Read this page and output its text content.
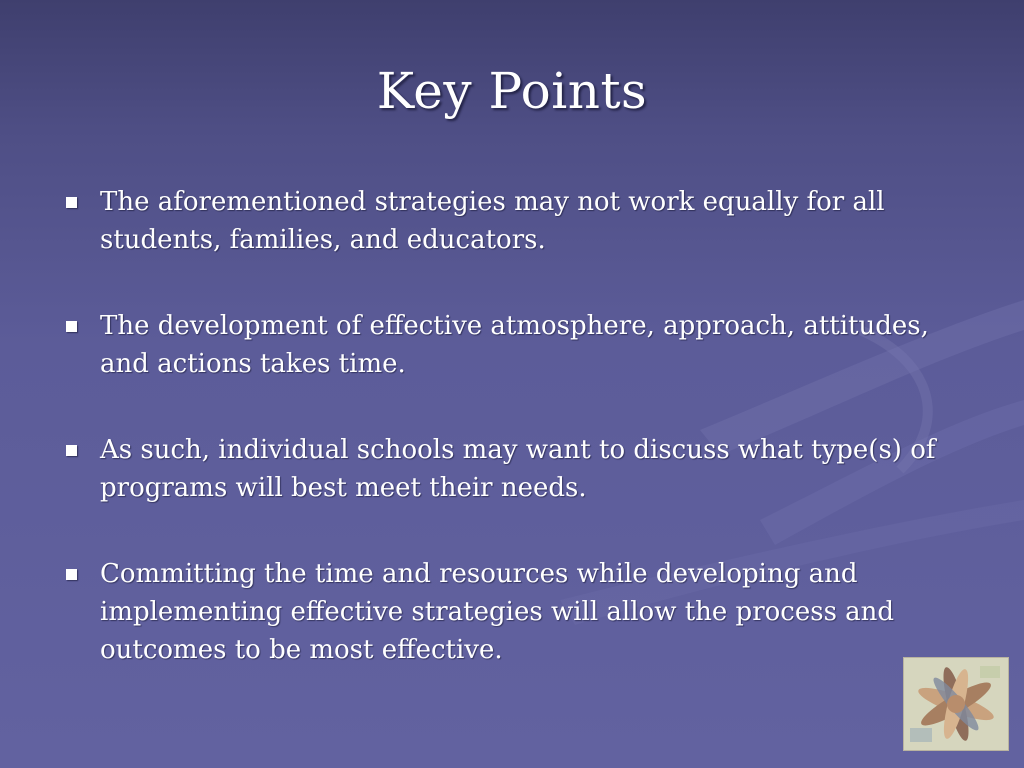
Key Points
The aforementioned strategies may not work equally for all students, families, and educators.
The development of effective atmosphere, approach, attitudes, and actions takes time.
As such, individual schools may want to discuss what type(s) of programs will best meet their needs.
Committing the time and resources while developing and implementing effective strategies will allow the process and outcomes to be most effective.
